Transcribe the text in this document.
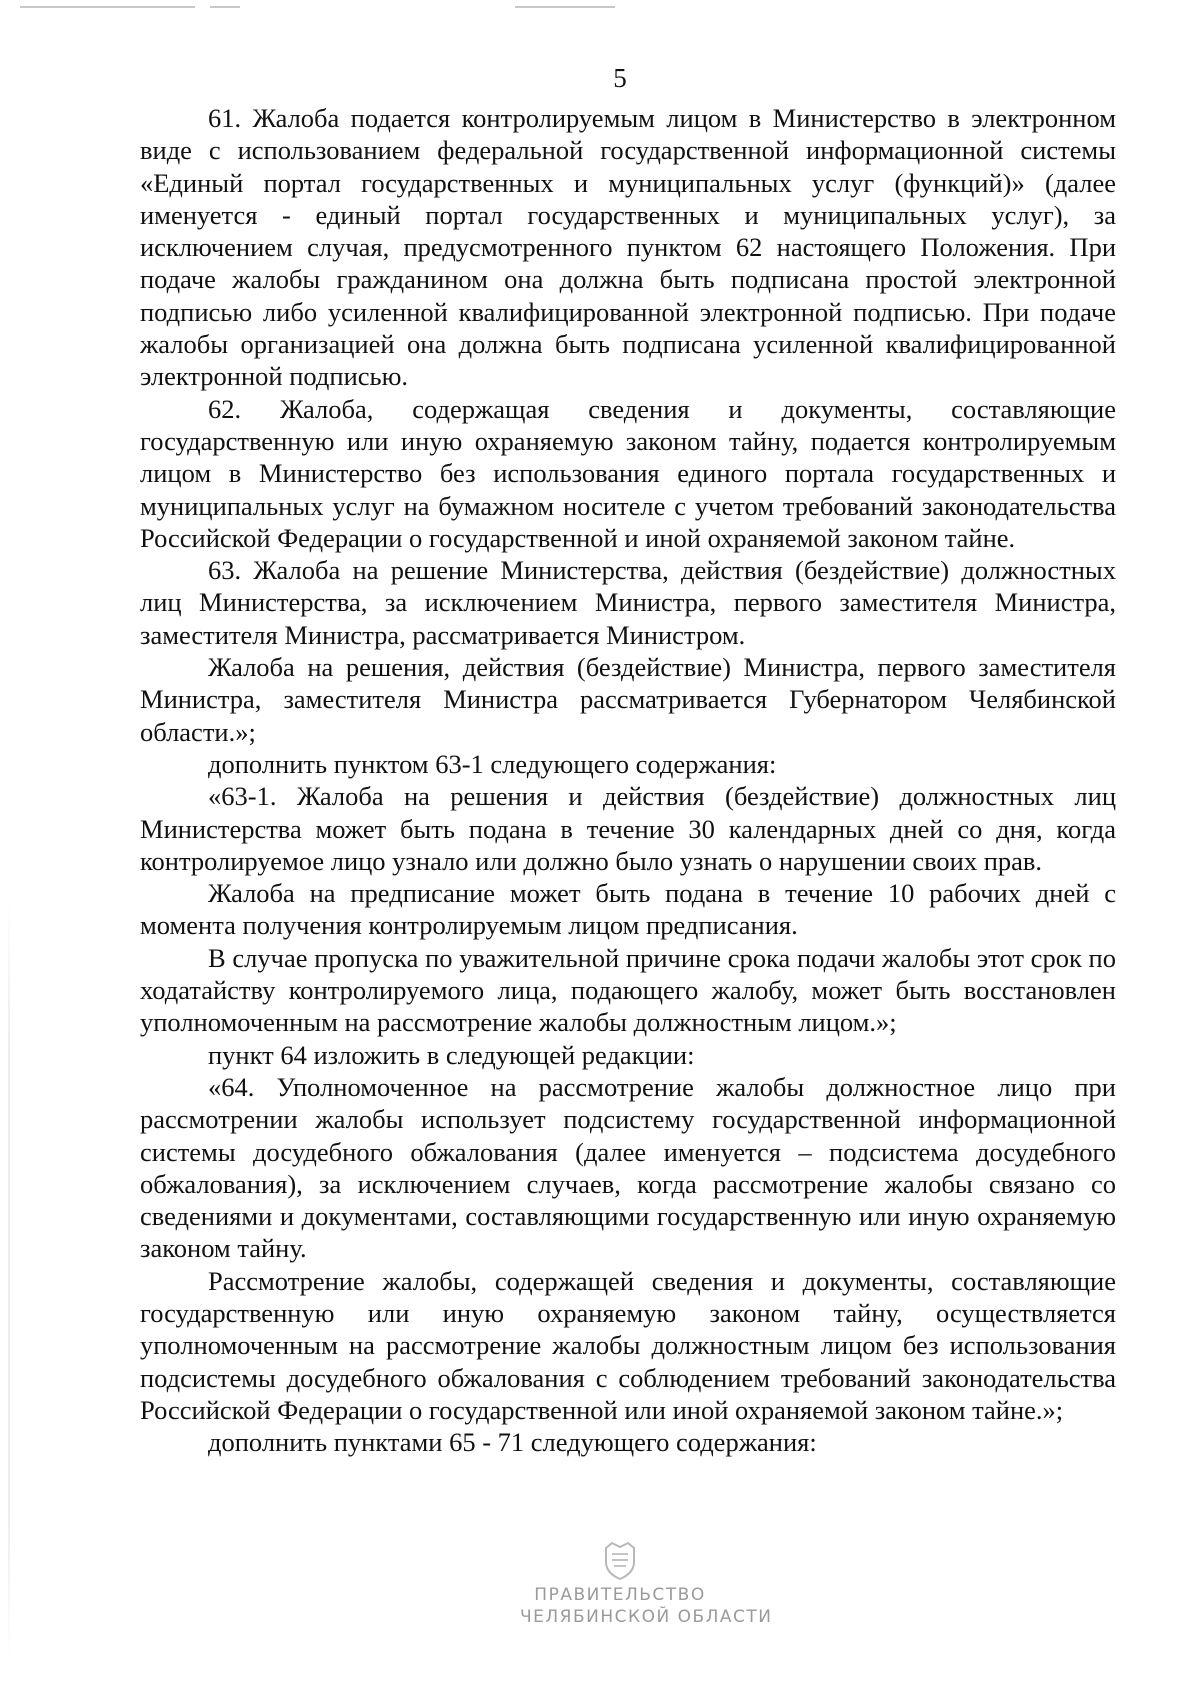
5

61. Жалоба подается контролируемым лицом в Министерство в электронном виде с использованием федеральной государственной информационной системы «Единый портал государственных и муниципальных услуг (функций)» (далее именуется - единый портал государственных и муниципальных услуг), за исключением случая, предусмотренного пунктом 62 настоящего Положения. При подаче жалобы гражданином она должна быть подписана простой электронной подписью либо усиленной квалифицированной электронной подписью. При подаче жалобы организацией она должна быть подписана усиленной квалифицированной электронной подписью.

62. Жалоба, содержащая сведения и документы, составляющие государственную или иную охраняемую законом тайну, подается контролируемым лицом в Министерство без использования единого портала государственных и муниципальных услуг на бумажном носителе с учетом требований законодательства Российской Федерации о государственной и иной охраняемой законом тайне.

63. Жалоба на решение Министерства, действия (бездействие) должностных лиц Министерства, за исключением Министра, первого заместителя Министра, заместителя Министра, рассматривается Министром.

Жалоба на решения, действия (бездействие) Министра, первого заместителя Министра, заместителя Министра рассматривается Губернатором Челябинской области.»;

дополнить пунктом 63-1 следующего содержания:

«63-1. Жалоба на решения и действия (бездействие) должностных лиц Министерства может быть подана в течение 30 календарных дней со дня, когда контролируемое лицо узнало или должно было узнать о нарушении своих прав.

Жалоба на предписание может быть подана в течение 10 рабочих дней с момента получения контролируемым лицом предписания.

В случае пропуска по уважительной причине срока подачи жалобы этот срок по ходатайству контролируемого лица, подающего жалобу, может быть восстановлен уполномоченным на рассмотрение жалобы должностным лицом.»;

пункт 64 изложить в следующей редакции:

«64. Уполномоченное на рассмотрение жалобы должностное лицо при рассмотрении жалобы использует подсистему государственной информационной системы досудебного обжалования (далее именуется – подсистема досудебного обжалования), за исключением случаев, когда рассмотрение жалобы связано со сведениями и документами, составляющими государственную или иную охраняемую законом тайну.

Рассмотрение жалобы, содержащей сведения и документы, составляющие государственную или иную охраняемую законом тайну, осуществляется уполномоченным на рассмотрение жалобы должностным лицом без использования подсистемы досудебного обжалования с соблюдением требований законодательства Российской Федерации о государственной или иной охраняемой законом тайне.»;

дополнить пунктами 65 - 71 следующего содержания:

ПРАВИТЕЛЬСТВО
ЧЕЛЯБИНСКОЙ ОБЛАСТИ
